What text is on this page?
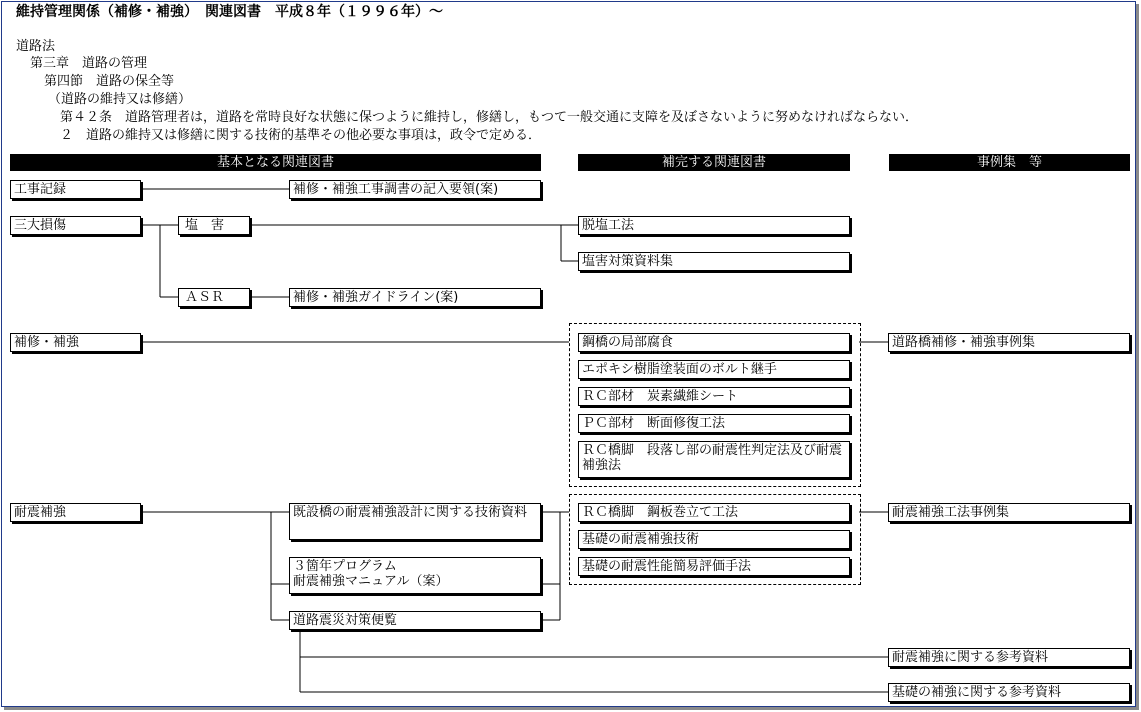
維持管理関係（補修・補強）　関連図書　平成８年（１９９６年）～
道路法
第三章　道路の管理
第四節　道路の保全等
（道路の維持又は修繕）
第４２条　道路管理者は，道路を常時良好な状態に保つように維持し，修繕し，もつて一般交通に支障を及ぼさないように努めなければならない．
２　道路の維持又は修繕に関する技術的基準その他必要な事項は，政令で定める．
基本となる関連図書	補完する関連図書	事例集　等
工事記録
三大損傷
補修・補強
耐震補強
塩　害
ＡＳＲ
補修・補強工事調書の記入要領(案)
補修・補強ガイドライン(案)
既設橋の耐震補強設計に関する技術資料
３箇年プログラム
耐震補強マニュアル（案）
道路震災対策便覧
脱塩工法
塩害対策資料集
鋼橋の局部腐食
エポキシ樹脂塗装面のボルト継手
ＲＣ部材　炭素繊維シート
ＰＣ部材　断面修復工法
ＲＣ橋脚　段落し部の耐震性判定法及び耐震補強法
ＲＣ橋脚　鋼板巻立て工法
基礎の耐震補強技術
基礎の耐震性能簡易評価手法
道路橋補修・補強事例集
耐震補強工法事例集
耐震補強に関する参考資料
基礎の補強に関する参考資料
